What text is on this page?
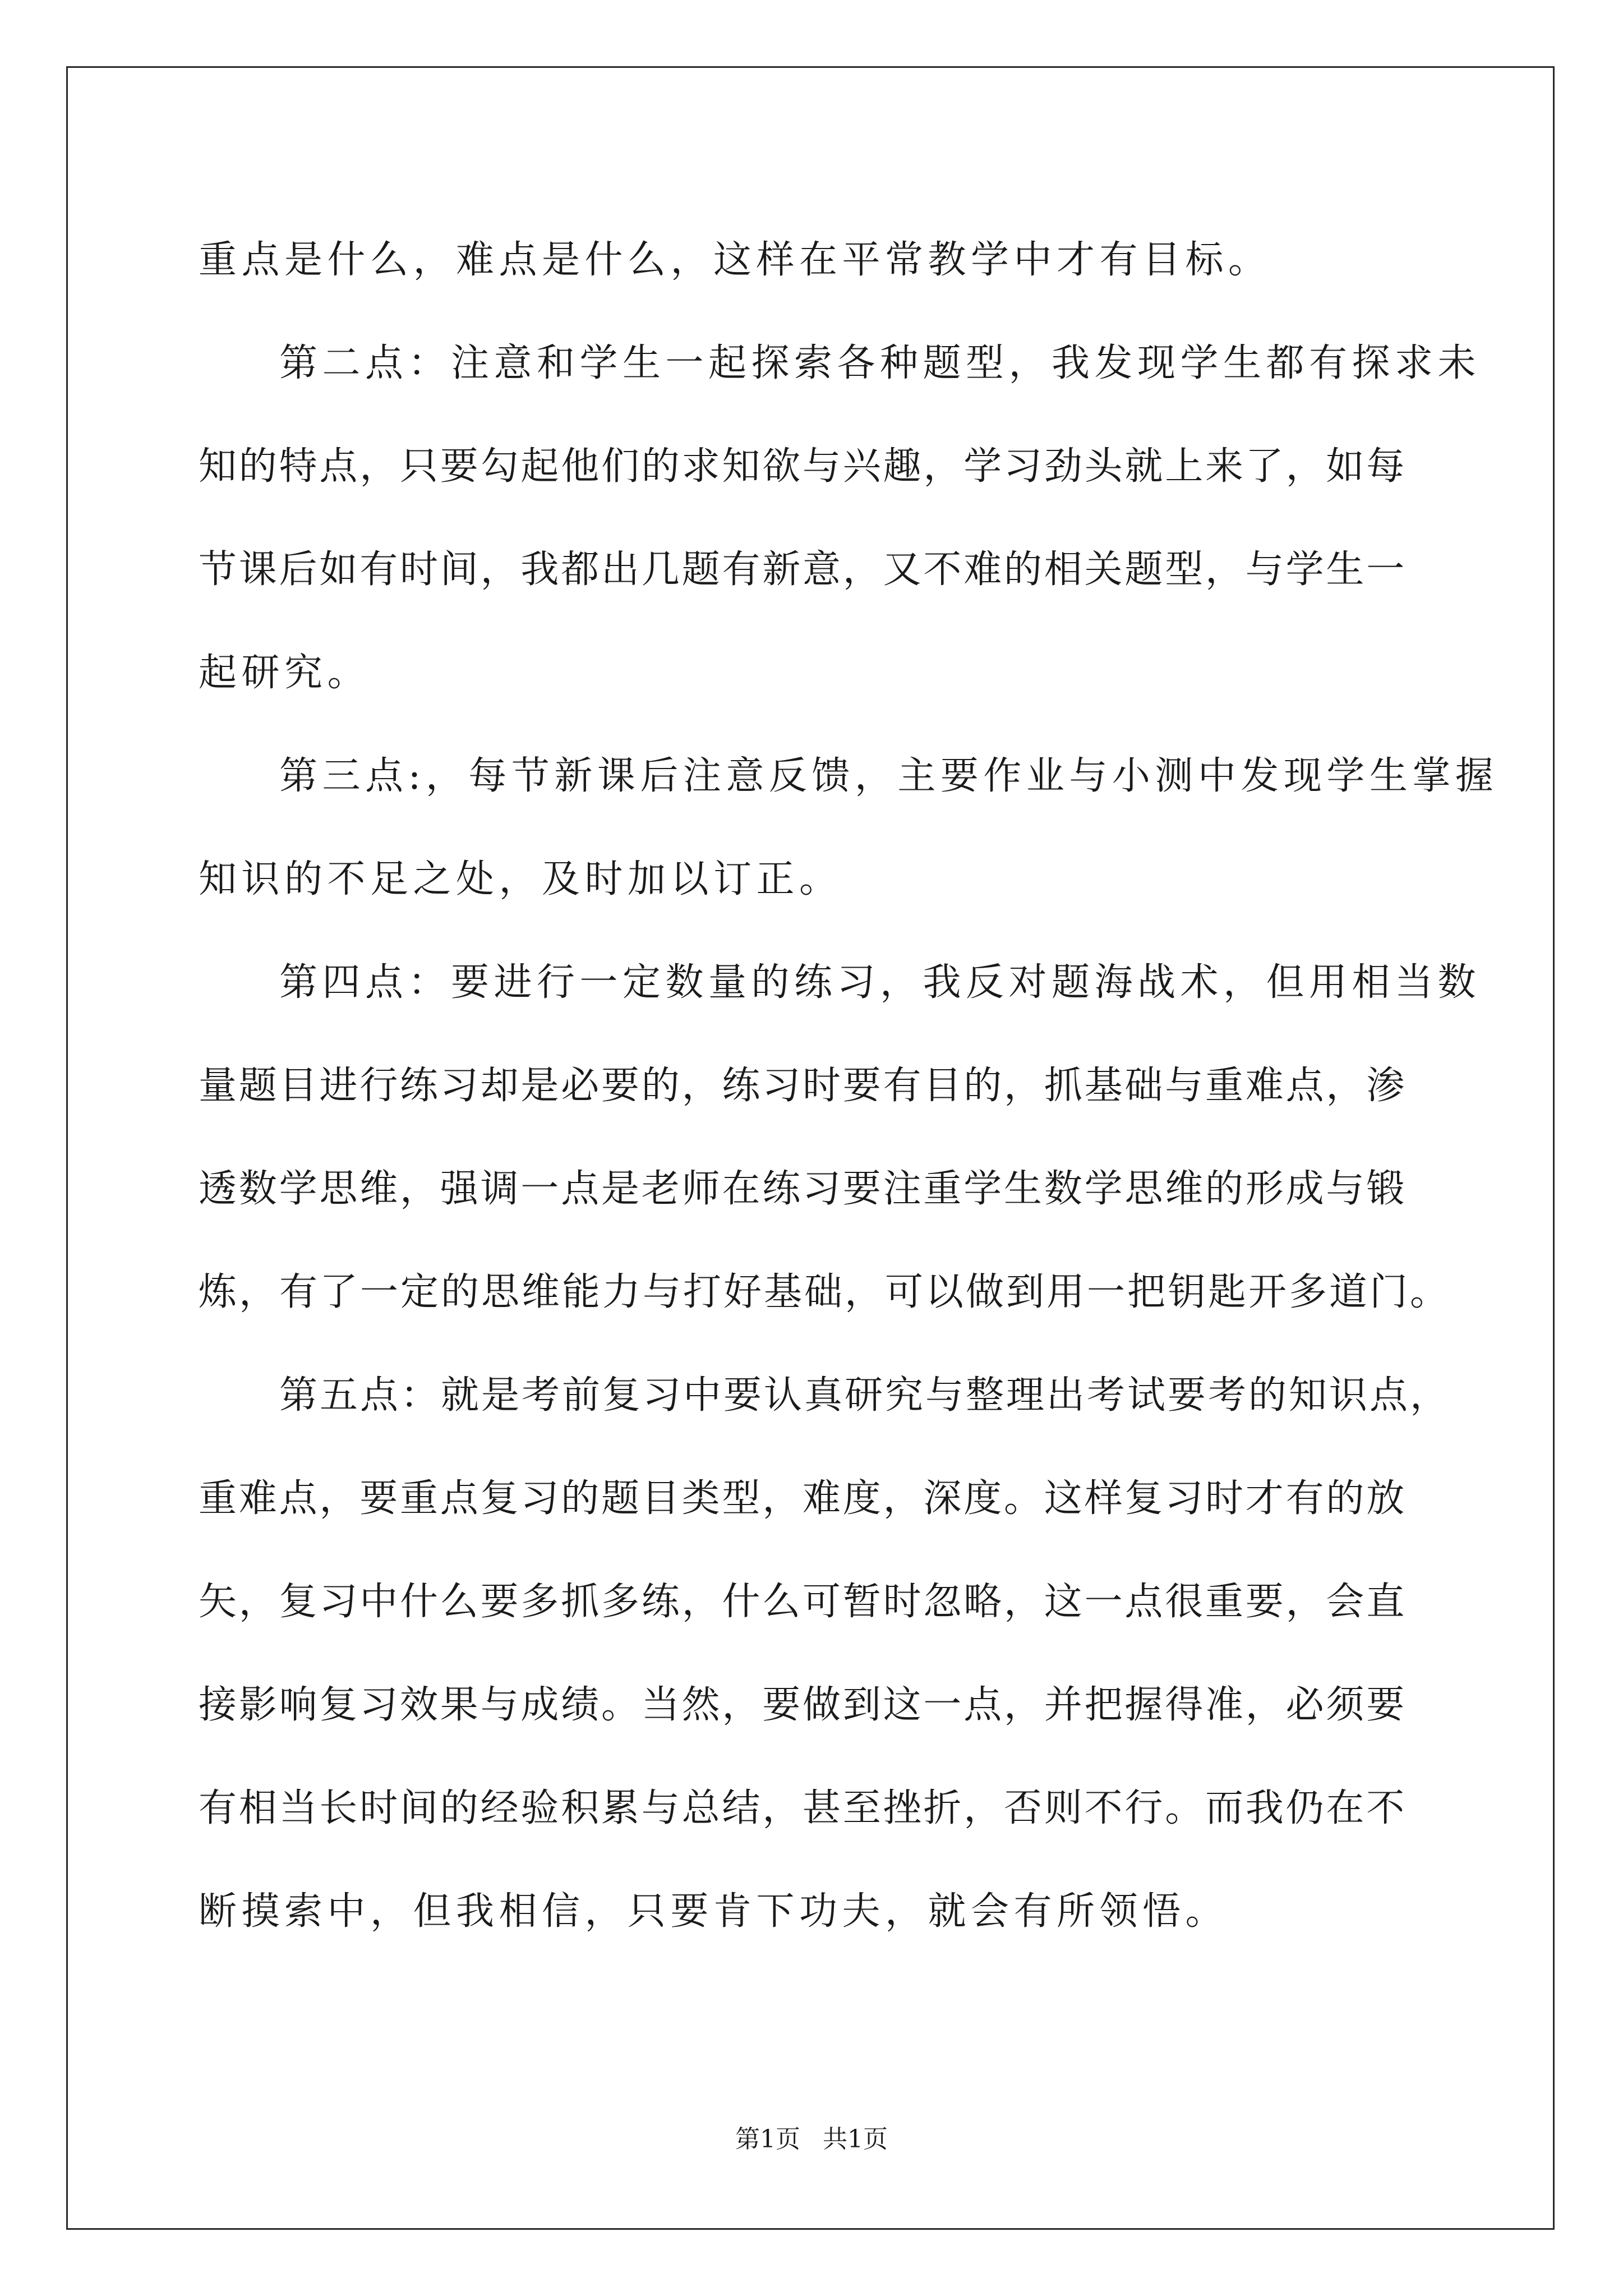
重点是什么，难点是什么，这样在平常教学中才有目标。
第二点：注意和学生一起探索各种题型，我发现学生都有探求未
知的特点，只要勾起他们的求知欲与兴趣，学习劲头就上来了，如每
节课后如有时间，我都出几题有新意，又不难的相关题型，与学生一
起研究。
第三点:，每节新课后注意反馈，主要作业与小测中发现学生掌握
知识的不足之处，及时加以订正。
第四点：要进行一定数量的练习，我反对题海战术，但用相当数
量题目进行练习却是必要的，练习时要有目的，抓基础与重难点，渗
透数学思维，强调一点是老师在练习要注重学生数学思维的形成与锻
炼，有了一定的思维能力与打好基础，可以做到用一把钥匙开多道门。
第五点：就是考前复习中要认真研究与整理出考试要考的知识点，
重难点，要重点复习的题目类型，难度，深度。这样复习时才有的放
矢，复习中什么要多抓多练，什么可暂时忽略，这一点很重要，会直
接影响复习效果与成绩。当然，要做到这一点，并把握得准，必须要
有相当长时间的经验积累与总结，甚至挫折，否则不行。而我仍在不
断摸索中，但我相信，只要肯下功夫，就会有所领悟。
第1页 共1页
